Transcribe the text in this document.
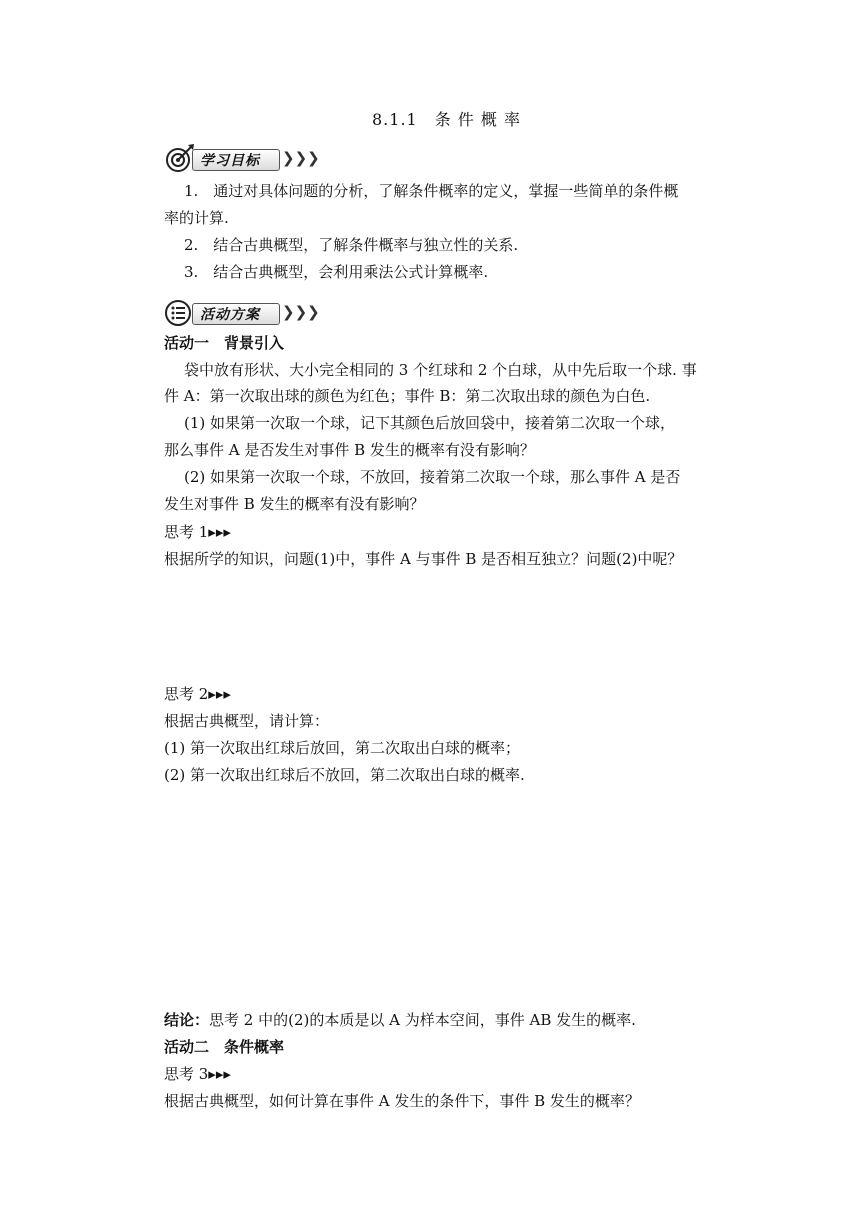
8.1.1　条 件 概 率
学习目标 ❯❯❯
1.　通过对具体问题的分析，了解条件概率的定义，掌握一些简单的条件概
率的计算.
2.　结合古典概型，了解条件概率与独立性的关系.
3.　结合古典概型，会利用乘法公式计算概率.
活动方案 ❯❯❯
活动一　背景引入
袋中放有形状、大小完全相同的 3 个红球和 2 个白球，从中先后取一个球. 事
件 A：第一次取出球的颜色为红色；事件 B：第二次取出球的颜色为白色.
(1) 如果第一次取一个球，记下其颜色后放回袋中，接着第二次取一个球，
那么事件 A 是否发生对事件 B 发生的概率有没有影响？
(2) 如果第一次取一个球，不放回，接着第二次取一个球，那么事件 A 是否
发生对事件 B 发生的概率有没有影响？
思考 1▸▸▸
根据所学的知识，问题(1)中，事件 A 与事件 B 是否相互独立？问题(2)中呢？
思考 2▸▸▸
根据古典概型，请计算：
(1) 第一次取出红球后放回，第二次取出白球的概率；
(2) 第一次取出红球后不放回，第二次取出白球的概率.
结论：思考 2 中的(2)的本质是以 A 为样本空间，事件 AB 发生的概率.
活动二　条件概率
思考 3▸▸▸
根据古典概型，如何计算在事件 A 发生的条件下，事件 B 发生的概率？
